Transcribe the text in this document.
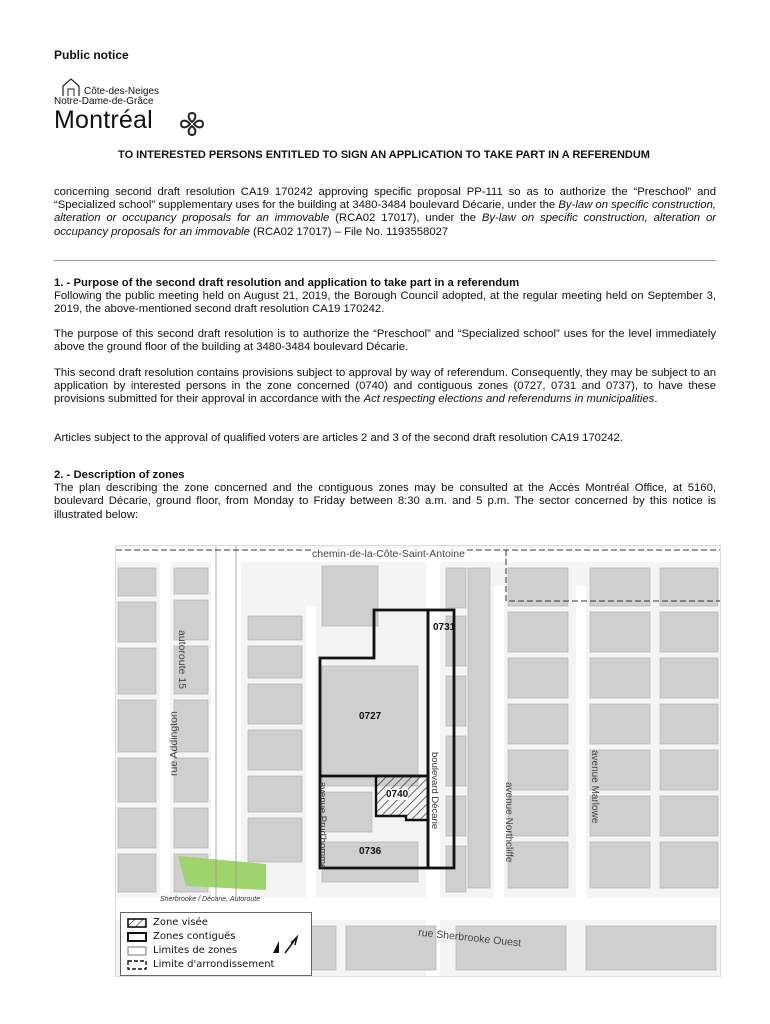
Public notice
Côte-des-Neiges
Notre-Dame-de-Grâce
Montréal
TO INTERESTED PERSONS ENTITLED TO SIGN AN APPLICATION TO TAKE PART IN A REFERENDUM
concerning second draft resolution CA19 170242 approving specific proposal PP-111 so as to authorize the “Preschool” and “Specialized school” supplementary uses for the building at 3480-3484 boulevard Décarie, under the By-law on specific construction, alteration or occupancy proposals for an immovable (RCA02 17017), under the By-law on specific construction, alteration or occupancy proposals for an immovable (RCA02 17017) – File No. 1193558027
1. - Purpose of the second draft resolution and application to take part in a referendum
Following the public meeting held on August 21, 2019, the Borough Council adopted, at the regular meeting held on September 3, 2019, the above-mentioned second draft resolution CA19 170242.
The purpose of this second draft resolution is to authorize the “Preschool” and “Specialized school” uses for the level immediately above the ground floor of the building at 3480-3484 boulevard Décarie.
This second draft resolution contains provisions subject to approval by way of referendum. Consequently, they may be subject to an application by interested persons in the zone concerned (0740) and contiguous zones (0727, 0731 and 0737), to have these provisions submitted for their approval in accordance with the Act respecting elections and referendums in municipalities.
Articles subject to the approval of qualified voters are articles 2 and 3 of the second draft resolution CA19 170242.
2. - Description of zones
The plan describing the zone concerned and the contiguous zones may be consulted at the Accès Montréal Office, at 5160, boulevard Décarie, ground floor, from Monday to Friday between 8:30 a.m. and 5 p.m. The sector concerned by this notice is illustrated below:
chemin-de-la-Côte-Saint-Antoine
autoroute 15
rue Addington
avenue Prud'homme	boulevard Décarie	avenue Northcliffe	avenue Marlowe
rue Sherbrooke Ouest
Sherbrooke / Décarie, Autoroute
0731
0727
0740
0736
Zone visée
Zones contiguës
Limites de zones
Limite d'arrondissement
